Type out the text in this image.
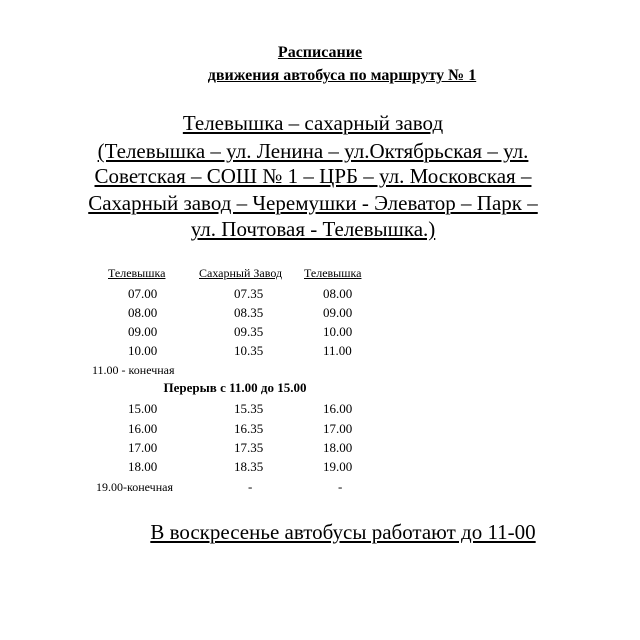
Расписание
движения автобуса по маршруту № 1
Телевышка – сахарный завод
(Телевышка – ул. Ленина – ул.Октябрьская – ул.
Советская – СОШ № 1 – ЦРБ – ул. Московская –
Сахарный завод – Черемушки - Элеватор – Парк –
ул. Почтовая - Телевышка.)
Телевышка	Сахарный Завод Телевышка
07.00	07.35	08.00
08.00	08.35	09.00
09.00	09.35	10.00
10.00	10.35	11.00
11.00 - конечная
Перерыв с 11.00 до 15.00
15.00	15.35	16.00
16.00	16.35	17.00
17.00	17.35	18.00
18.00	18.35	19.00
19.00-конечная	-	-
В воскресенье автобусы работают до 11-00
